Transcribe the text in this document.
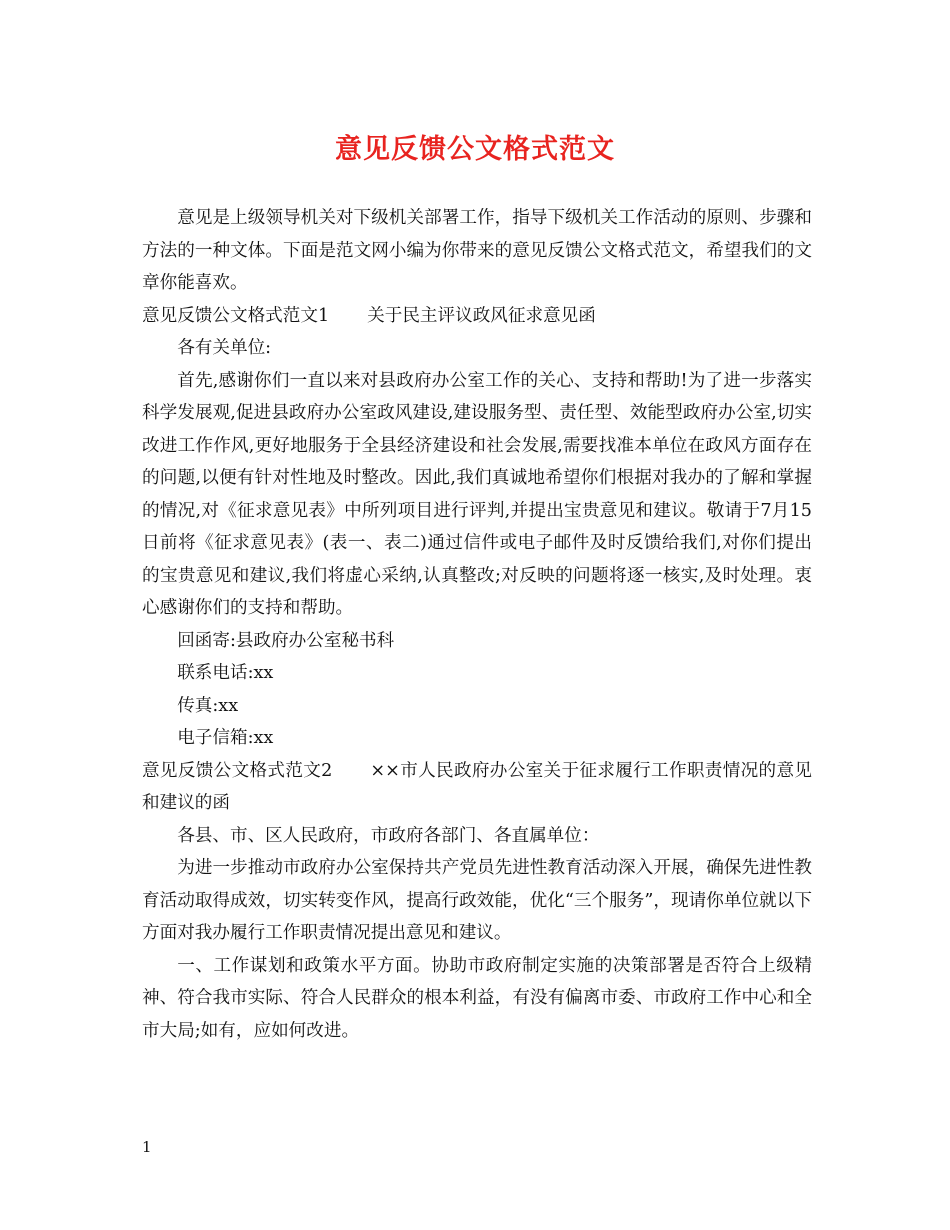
意见反馈公文格式范文

意见是上级领导机关对下级机关部署工作，指导下级机关工作活动的原则、步骤和方法的一种文体。下面是范文网小编为你带来的意见反馈公文格式范文，希望我们的文章你能喜欢。

意见反馈公文格式范文1 关于民主评议政风征求意见函

各有关单位:

首先,感谢你们一直以来对县政府办公室工作的关心、支持和帮助!为了进一步落实科学发展观,促进县政府办公室政风建设,建设服务型、责任型、效能型政府办公室,切实改进工作作风,更好地服务于全县经济建设和社会发展,需要找准本单位在政风方面存在的问题,以便有针对性地及时整改。因此,我们真诚地希望你们根据对我办的了解和掌握的情况,对《征求意见表》中所列项目进行评判,并提出宝贵意见和建议。敬请于7月15日前将《征求意见表》(表一、表二)通过信件或电子邮件及时反馈给我们,对你们提出的宝贵意见和建议,我们将虚心采纳,认真整改;对反映的问题将逐一核实,及时处理。衷心感谢你们的支持和帮助。

回函寄:县政府办公室秘书科

联系电话:xx

传真:xx

电子信箱:xx

意见反馈公文格式范文2 ××市人民政府办公室关于征求履行工作职责情况的意见和建议的函

各县、市、区人民政府，市政府各部门、各直属单位：

为进一步推动市政府办公室保持共产党员先进性教育活动深入开展，确保先进性教育活动取得成效，切实转变作风，提高行政效能，优化“三个服务”，现请你单位就以下方面对我办履行工作职责情况提出意见和建议。

一、工作谋划和政策水平方面。协助市政府制定实施的决策部署是否符合上级精神、符合我市实际、符合人民群众的根本利益，有没有偏离市委、市政府工作中心和全市大局;如有，应如何改进。

1
